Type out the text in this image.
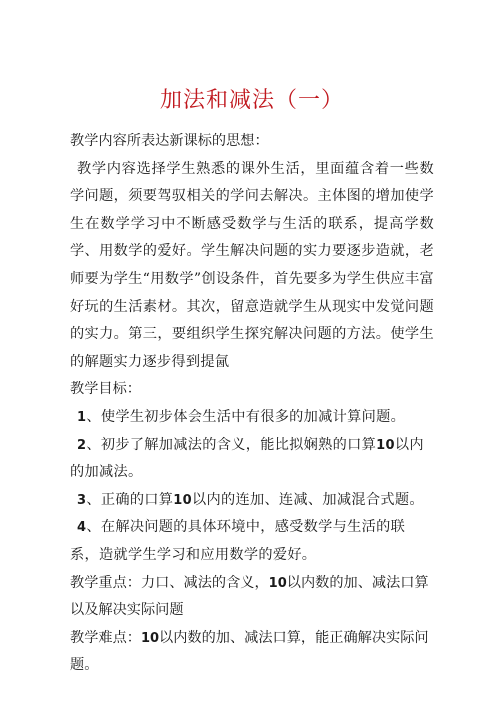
加法和减法（一）

教学内容所表达新课标的思想：

教学内容选择学生熟悉的课外生活，里面蕴含着一些数学问题，须要驾驭相关的学问去解决。主体图的增加使学生在数学学习中不断感受数学与生活的联系，提高学数学、用数学的爱好。学生解决问题的实力要逐步造就，老师要为学生“用数学”创设条件，首先要多为学生供应丰富好玩的生活素材。其次，留意造就学生从现实中发觉问题的实力。第三，要组织学生探究解决问题的方法。使学生的解题实力逐步得到提氤

教学目标：

1、使学生初步体会生活中有很多的加减计算问题。

2、初步了解加减法的含义，能比拟娴熟的口算10以内的加减法。

3、正确的口算10以内的连加、连减、加减混合式题。

4、在解决问题的具体环境中，感受数学与生活的联系，造就学生学习和应用数学的爱好。

教学重点：力口、减法的含义，10以内数的加、减法口算以及解决实际问题

教学难点：10以内数的加、减法口算，能正确解决实际问题。
